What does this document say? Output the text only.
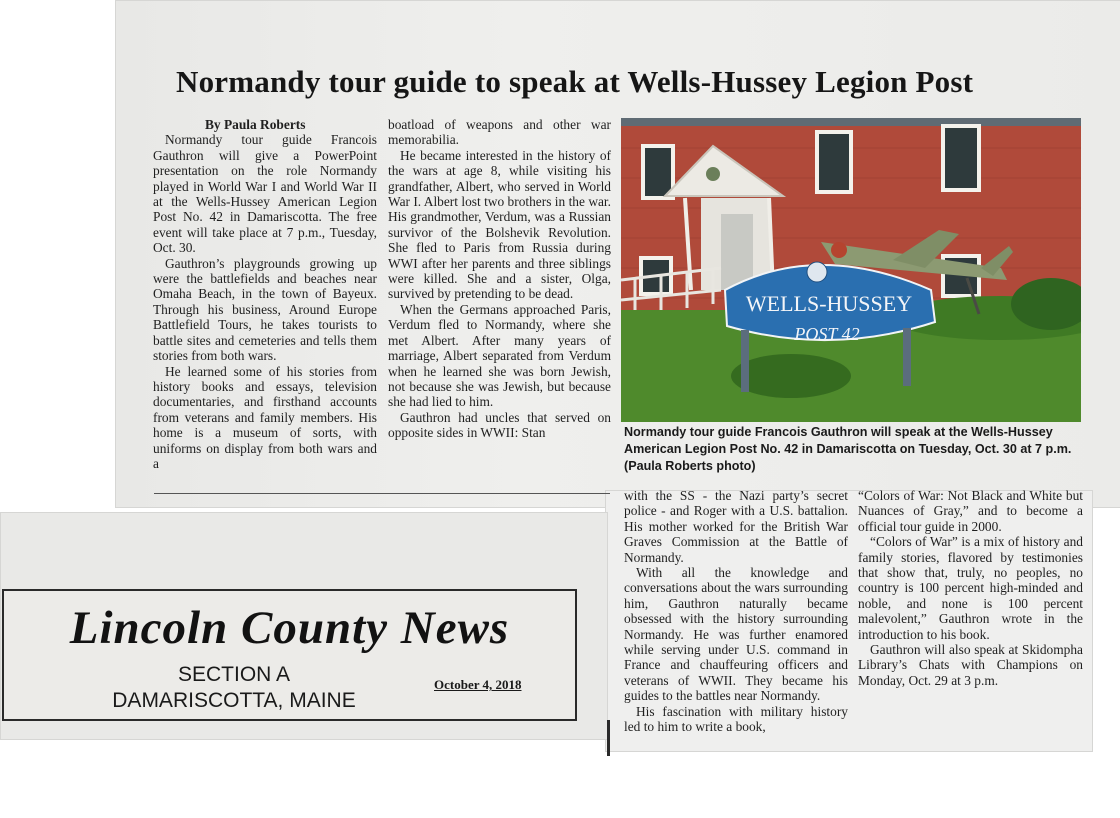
Normandy tour guide to speak at Wells-Hussey Legion Post

By Paula Roberts

Normandy tour guide Francois Gauthron will give a PowerPoint presentation on the role Normandy played in World War I and World War II at the Wells-Hussey American Legion Post No. 42 in Damariscotta. The free event will take place at 7 p.m., Tuesday, Oct. 30.

Gauthron’s playgrounds growing up were the battlefields and beaches near Omaha Beach, in the town of Bayeux. Through his business, Around Europe Battlefield Tours, he takes tourists to battle sites and cemeteries and tells them stories from both wars.

He learned some of his stories from history books and essays, television documentaries, and firsthand accounts from veterans and family members. His home is a museum of sorts, with uniforms on display from both wars and a

boatload of weapons and other war memorabilia.

He became interested in the history of the wars at age 8, while visiting his grandfather, Albert, who served in World War I. Albert lost two brothers in the war. His grandmother, Verdum, was a Russian survivor of the Bolshevik Revolution. She fled to Paris from Russia during WWI after her parents and three siblings were killed. She and a sister, Olga, survived by pretending to be dead.

When the Germans approached Paris, Verdum fled to Normandy, where she met Albert. After many years of marriage, Albert separated from Verdum when he learned she was born Jewish, not because she was Jewish, but because she had lied to him.

Gauthron had uncles that served on opposite sides in WWII: Stan

WELLS-HUSSEY
POST 42

Normandy tour guide Francois Gauthron will speak at the Wells-Hussey American Legion Post No. 42 in Damariscotta on Tuesday, Oct. 30 at 7 p.m. (Paula Roberts photo)

with the SS - the Nazi party’s secret police - and Roger with a U.S. battalion. His mother worked for the British War Graves Commission at the Battle of Normandy.

With all the knowledge and conversations about the wars surrounding him, Gauthron naturally became obsessed with the history surrounding Normandy. He was further enamored while serving under U.S. command in France and chauffeuring officers and veterans of WWII. They became his guides to the battles near Normandy.

His fascination with military history led to him to write a book,

“Colors of War: Not Black and White but Nuances of Gray,” and to become a official tour guide in 2000.

“Colors of War” is a mix of history and family stories, flavored by testimonies that show that, truly, no peoples, no country is 100 percent high-minded and noble, and none is 100 percent malevolent,” Gauthron wrote in the introduction to his book.

Gauthron will also speak at Skidompha Library’s Chats with Champions on Monday, Oct. 29 at 3 p.m.

Lincoln County News
SECTION A
DAMARISCOTTA, MAINE
October 4, 2018
